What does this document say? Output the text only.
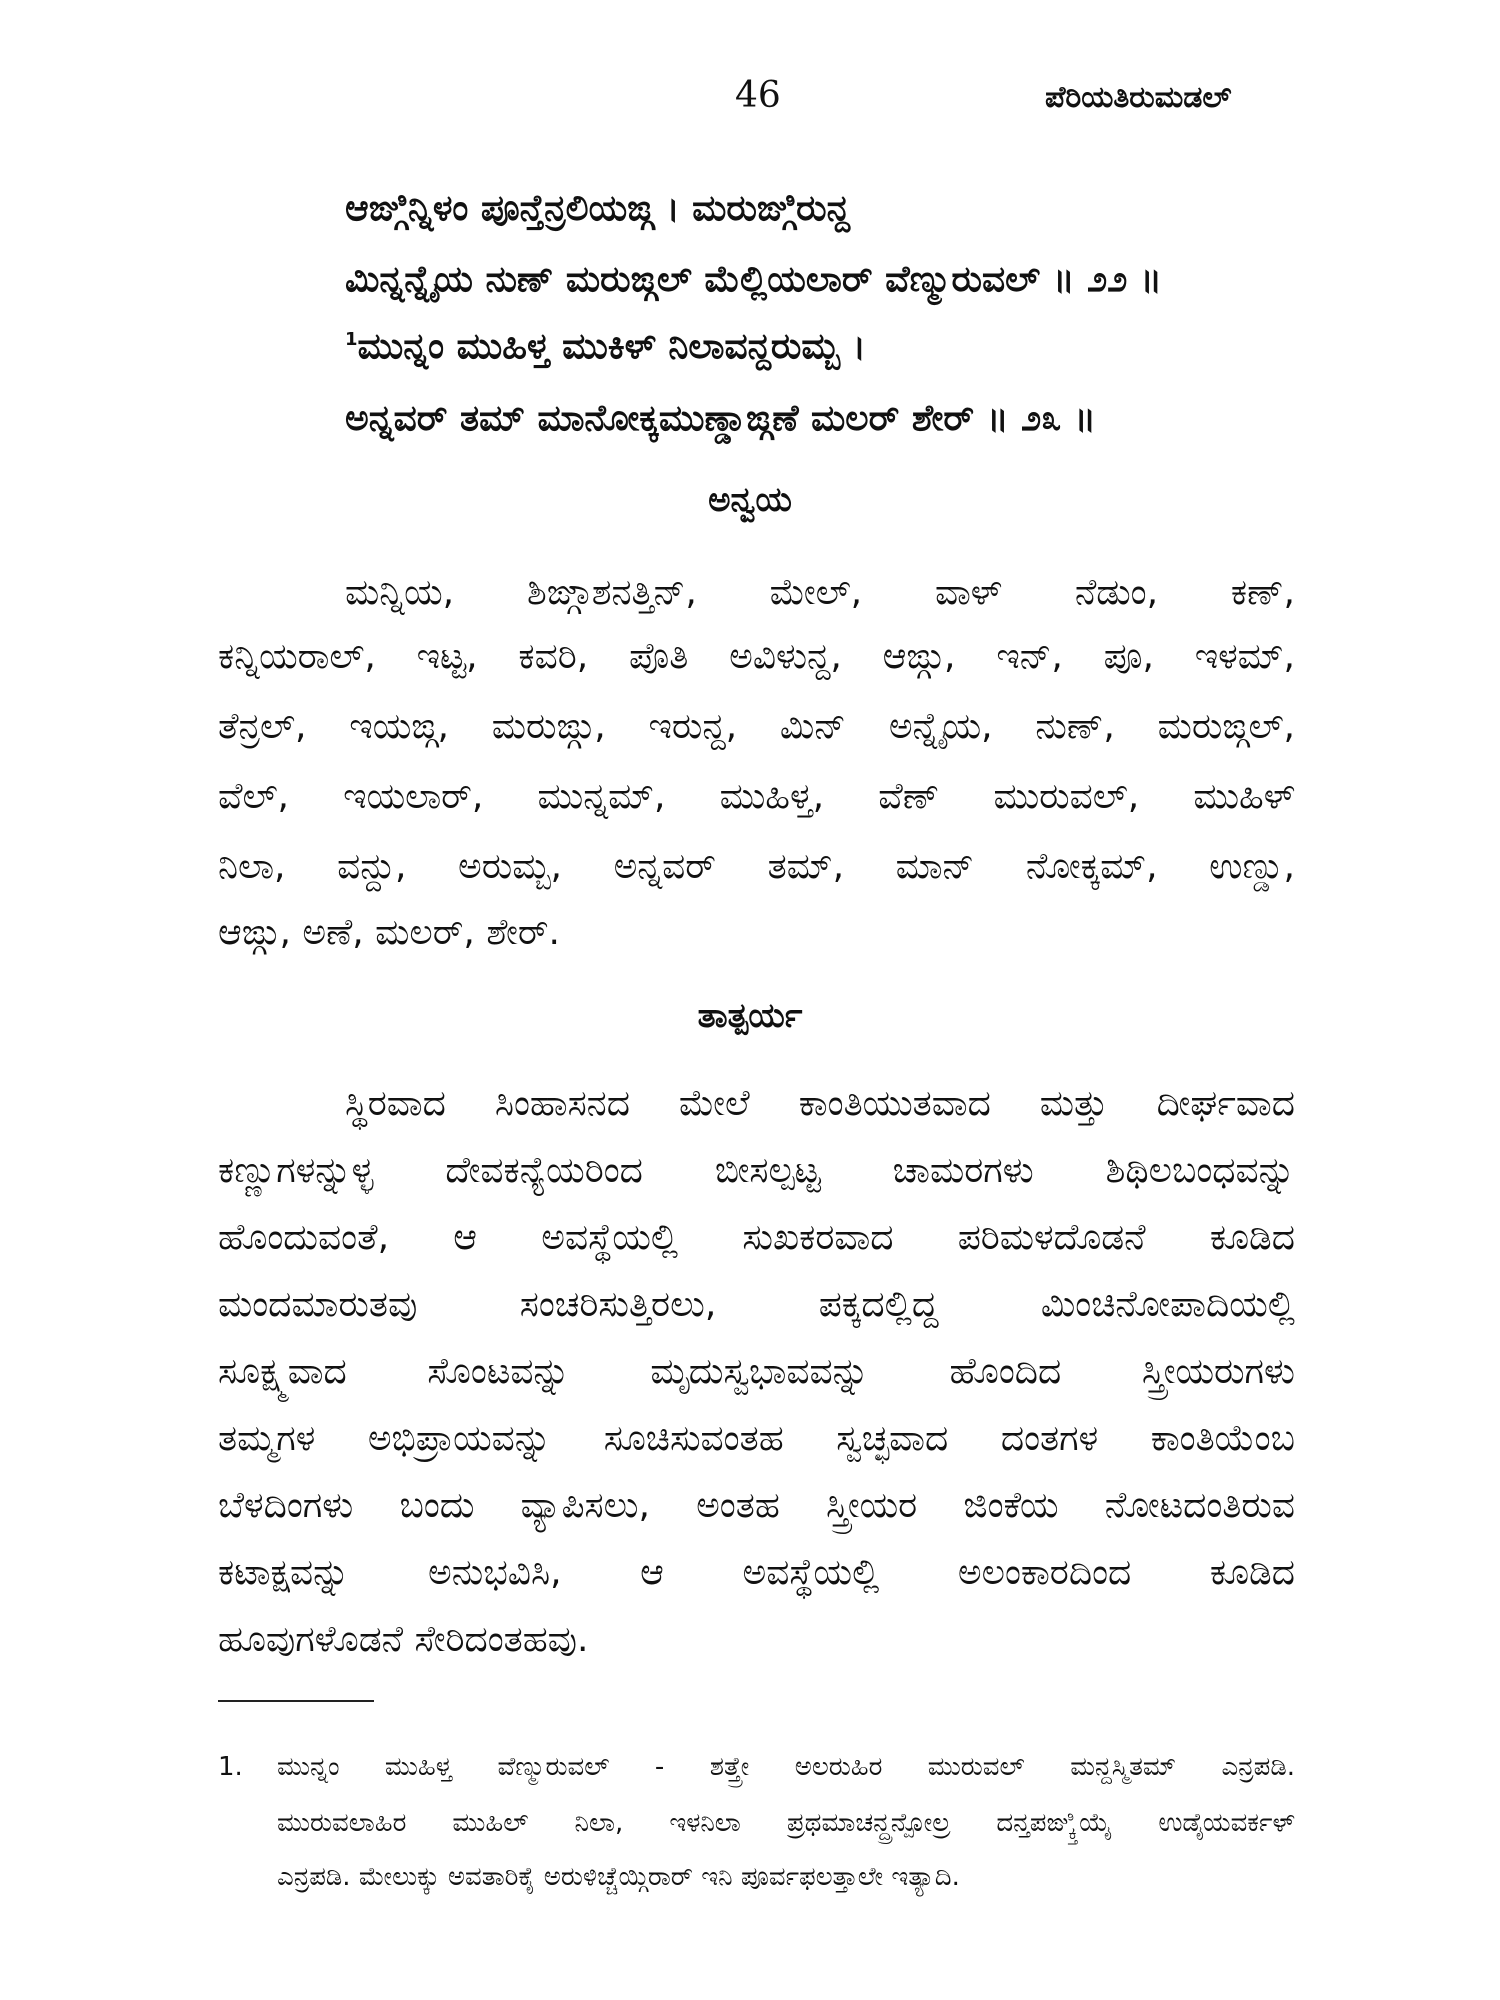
46	ಪೆರಿಯತಿರುಮಡಲ್
ಆಙ್ಗಿನ್ನಿಳಂ ಪೂನ್ತೆನ್ರಲಿಯಙ್ಗ । ಮರುಙ್ಗಿರುನ್ದ
ಮಿನ್ನನ್ನೈಯ ನುಣ್ ಮರುಙ್ಗಲ್ ಮೆಲ್ಲಿಯಲಾರ್ ವೆಣ್ಮುರುವಲ್ ॥ ೨೨ ॥
$^1$ಮುನ್ನಂ ಮುಹಿಳ್ತ ಮುಕಿಳ್ ನಿಲಾವನ್ದರುಮ್ಬ ।
ಅನ್ನವರ್ ತಮ್ ಮಾನೋಕ್ಕಮುಣ್ಡಾಙ್ಗಣೆ ಮಲರ್ ಶೇರ್ ॥ ೨೩ ॥
ಅನ್ವಯ
ಮನ್ನಿಯ, ಶಿಙ್ಗಾಶನತ್ತಿನ್, ಮೇಲ್, ವಾಳ್ ನೆಡುಂ, ಕಣ್,
ಕನ್ನಿಯರಾಲ್, ಇಟ್ಟ, ಕವರಿ, ಪೊತಿ ಅವಿಳುನ್ದ, ಆಙ್ಗು, ಇನ್, ಪೂ, ಇಳಮ್,
ತೆನ್ರಲ್, ಇಯಙ್ಗ, ಮರುಙ್ಗು, ಇರುನ್ದ, ಮಿನ್ ಅನ್ನೈಯ, ನುಣ್, ಮರುಙ್ಗಲ್,
ವೆಲ್, ಇಯಲಾರ್, ಮುನ್ನಮ್, ಮುಹಿಳ್ತ, ವೆಣ್ ಮುರುವಲ್, ಮುಹಿಳ್
ನಿಲಾ, ವನ್ದು, ಅರುಮ್ಬ, ಅನ್ನವರ್ ತಮ್, ಮಾನ್ ನೋಕ್ಕಮ್, ಉಣ್ಡು,
ಆಙ್ಗು, ಅಣೆ, ಮಲರ್, ಶೇರ್.
ತಾತ್ಪರ್ಯ
ಸ್ಥಿರವಾದ ಸಿಂಹಾಸನದ ಮೇಲೆ ಕಾಂತಿಯುತವಾದ ಮತ್ತು ದೀರ್ಘವಾದ
ಕಣ್ಣುಗಳನ್ನುಳ್ಳ ದೇವಕನ್ಯೆಯರಿಂದ ಬೀಸಲ್ಪಟ್ಟ ಚಾಮರಗಳು ಶಿಥಿಲಬಂಧವನ್ನು
ಹೊಂದುವಂತೆ, ಆ ಅವಸ್ಥೆಯಲ್ಲಿ ಸುಖಕರವಾದ ಪರಿಮಳದೊಡನೆ ಕೂಡಿದ
ಮಂದಮಾರುತವು ಸಂಚರಿಸುತ್ತಿರಲು, ಪಕ್ಕದಲ್ಲಿದ್ದ ಮಿಂಚಿನೋಪಾದಿಯಲ್ಲಿ
ಸೂಕ್ಷ್ಮವಾದ ಸೊಂಟವನ್ನು ಮೃದುಸ್ವಭಾವವನ್ನು ಹೊಂದಿದ ಸ್ತ್ರೀಯರುಗಳು
ತಮ್ಮಗಳ ಅಭಿಪ್ರಾಯವನ್ನು ಸೂಚಿಸುವಂತಹ ಸ್ವಚ್ಛವಾದ ದಂತಗಳ ಕಾಂತಿಯೆಂಬ
ಬೆಳದಿಂಗಳು ಬಂದು ವ್ಯಾಪಿಸಲು, ಅಂತಹ ಸ್ತ್ರೀಯರ ಜಿಂಕೆಯ ನೋಟದಂತಿರುವ
ಕಟಾಕ್ಷವನ್ನು ಅನುಭವಿಸಿ, ಆ ಅವಸ್ಥೆಯಲ್ಲಿ ಅಲಂಕಾರದಿಂದ ಕೂಡಿದ
ಹೂವುಗಳೊಡನೆ ಸೇರಿದಂತಹವು.
1. ಮುನ್ನಂ ಮುಹಿಳ್ತ ವೆಣ್ಮುರುವಲ್ - ಶತ್ತ್ರೇ ಅಲರುಹಿರ ಮುರುವಲ್ ಮನ್ದಸ್ಮಿತಮ್ ಎನ್ರಪಡಿ.
ಮುರುವಲಾಹಿರ ಮುಹಿಲ್ ನಿಲಾ, ಇಳನಿಲಾ ಪ್ರಥಮಾಚನ್ದ್ರನ್ಪೋಲ್ರ ದನ್ತಪಙ್ಕ್ತಿಯೈ ಉಡೈಯವರ್ಕಳ್
ಎನ್ರಪಡಿ. ಮೇಲುಕ್ಕು ಅವತಾರಿಕೈ ಅರುಳಿಚ್ಚೆಯ್ಗಿರಾರ್ ಇನಿ ಪೂರ್ವಫಲತ್ತಾಲೇ ಇತ್ಯಾದಿ.
